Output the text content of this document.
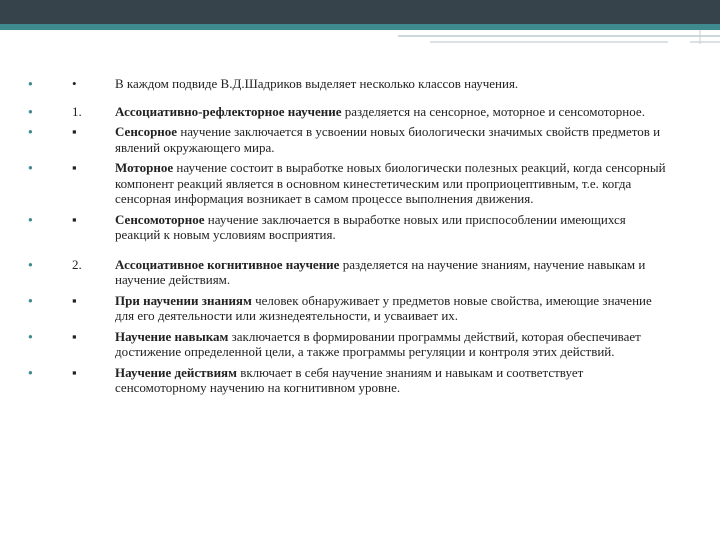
●	•	В каждом подвиде В.Д.Шадриков выделяет несколько классов научения.
●	1.	Ассоциативно-рефлекторное научение разделяется на сенсорное, моторное и сенсомоторное.
●	▪	Сенсорное научение заключается в усвоении новых биологически значимых свойств предметов и явлений окружающего мира.
●	▪	Моторное научение состоит в выработке новых биологически полезных реакций, когда сенсорный компонент реакций является в основном кинестетическим или проприоцептивным, т.е. когда сенсорная информация возникает в самом процессе выполнения движения.
●	▪	Сенсомоторное научение заключается в выработке новых или приспособлении имеющихся реакций к новым условиям восприятия.
●	2.	Ассоциативное когнитивное научение разделяется на научение знаниям, научение навыкам и научение действиям.
●	▪	При научении знаниям человек обнаруживает у предметов новые свойства, имеющие значение для его деятельности или жизнедеятельности, и усваивает их.
●	▪	Научение навыкам заключается в формировании программы действий, которая обеспечивает достижение определенной цели, а также программы регуляции и контроля этих действий.
●	▪	Научение действиям включает в себя научение знаниям и навыкам и соответствует сенсомоторному научению на когнитивном уровне.
